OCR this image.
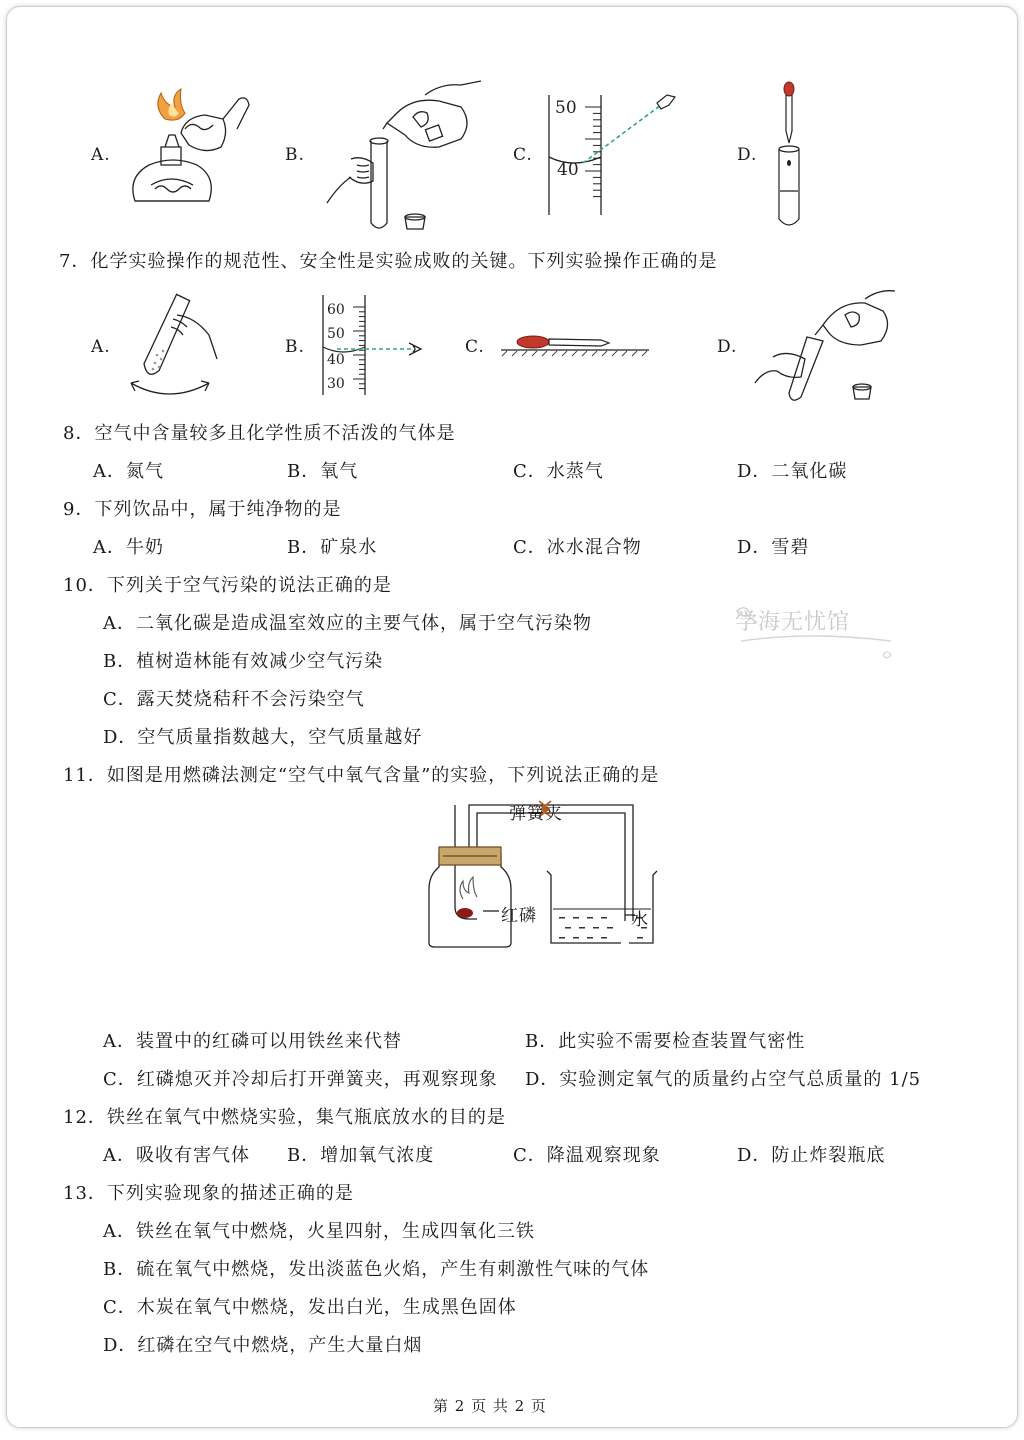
A.	B.	C.
50
40
D.
7．化学实验操作的规范性、安全性是实验成败的关键。下列实验操作正确的是
A.	B.
60
50
40
30
C.	D.
8．空气中含量较多且化学性质不活泼的气体是
A．氮气	B．氧气	C．水蒸气	D．二氧化碳
9．下列饮品中，属于纯净物的是
A．牛奶	B．矿泉水	C．冰水混合物	D．雪碧
10．下列关于空气污染的说法正确的是
A．二氧化碳是造成温室效应的主要气体，属于空气污染物
B．植树造林能有效减少空气污染
C．露天焚烧秸秆不会污染空气
D．空气质量指数越大，空气质量越好
学海无忧馆
11．如图是用燃磷法测定“空气中氧气含量”的实验，下列说法正确的是
弹簧夹
红磷	水
A．装置中的红磷可以用铁丝来代替	B．此实验不需要检查装置气密性
C．红磷熄灭并冷却后打开弹簧夹，再观察现象 D．实验测定氧气的质量约占空气总质量的 1/5
12．铁丝在氧气中燃烧实验，集气瓶底放水的目的是
A．吸收有害气体 B．增加氧气浓度	C．降温观察现象	D．防止炸裂瓶底
13．下列实验现象的描述正确的是
A．铁丝在氧气中燃烧，火星四射，生成四氧化三铁
B．硫在氧气中燃烧，发出淡蓝色火焰，产生有刺激性气味的气体
C．木炭在氧气中燃烧，发出白光，生成黑色固体
D．红磷在空气中燃烧，产生大量白烟
第 2 页 共 2 页
